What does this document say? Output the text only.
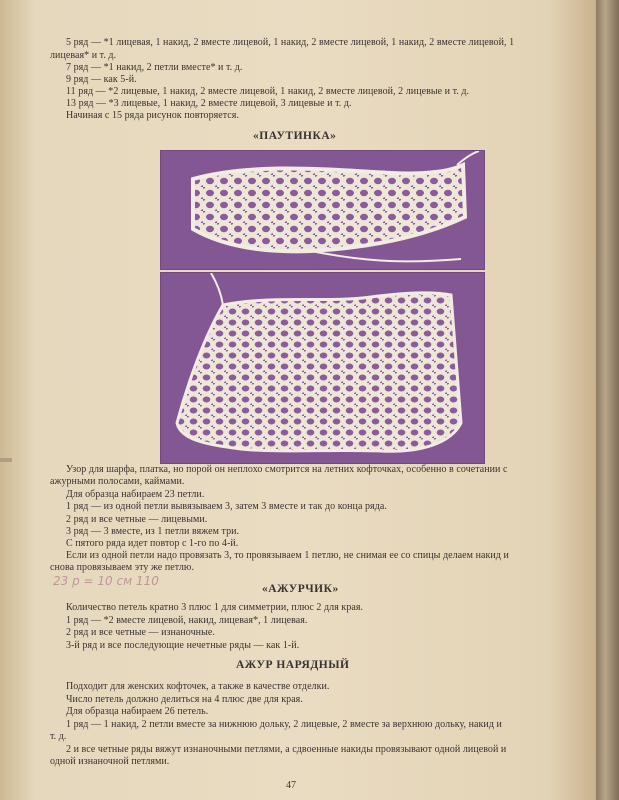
5 ряд — *1 лицевая, 1 накид, 2 вместе лицевой, 1 накид, 2 вместе лицевой, 1 накид, 2 вместе лицевой, 1
лицевая* и т. д.
7 ряд — *1 накид, 2 петли вместе* и т. д.
9 ряд — как 5-й.
11 ряд — *2 лицевые, 1 накид, 2 вместе лицевой, 1 накид, 2 вместе лицевой, 2 лицевые и т. д.
13 ряд — *3 лицевые, 1 накид, 2 вместе лицевой, 3 лицевые и т. д.
Начиная с 15 ряда рисунок повторяется.
«ПАУТИНКА»
Узор для шарфа, платка, но порой он неплохо смотрится на летних кофточках, особенно в сочетании с
ажурными полосами, каймами.
Для образца набираем 23 петли.
1 ряд — из одной петли вывязываем 3, затем 3 вместе и так до конца ряда.
2 ряд и все четные — лицевыми.
3 ряд — 3 вместе, из 1 петли вяжем три.
С пятого ряда идет повтор с 1-го по 4-й.
Если из одной петли надо провязать 3, то провязываем 1 петлю, не снимая ее со спицы делаем накид и
снова провязываем эту же петлю.
23 р = 10 см 110
«АЖУРЧИК»
Количество петель кратно 3 плюс 1 для симметрии, плюс 2 для края.
1 ряд — *2 вместе лицевой, накид, лицевая*, 1 лицевая.
2 ряд и все четные — изнаночные.
3-й ряд и все последующие нечетные ряды — как 1-й.
АЖУР НАРЯДНЫЙ
Подходит для женских кофточек, а также в качестве отделки.
Число петель должно делиться на 4 плюс две для края.
Для образца набираем 26 петель.
1 ряд — 1 накид, 2 петли вместе за нижнюю дольку, 2 лицевые, 2 вместе за верхнюю дольку, накид и
т. д.
2 и все четные ряды вяжут изнаночными петлями, а сдвоенные накиды провязывают одной лицевой и
одной изнаночной петлями.
47
